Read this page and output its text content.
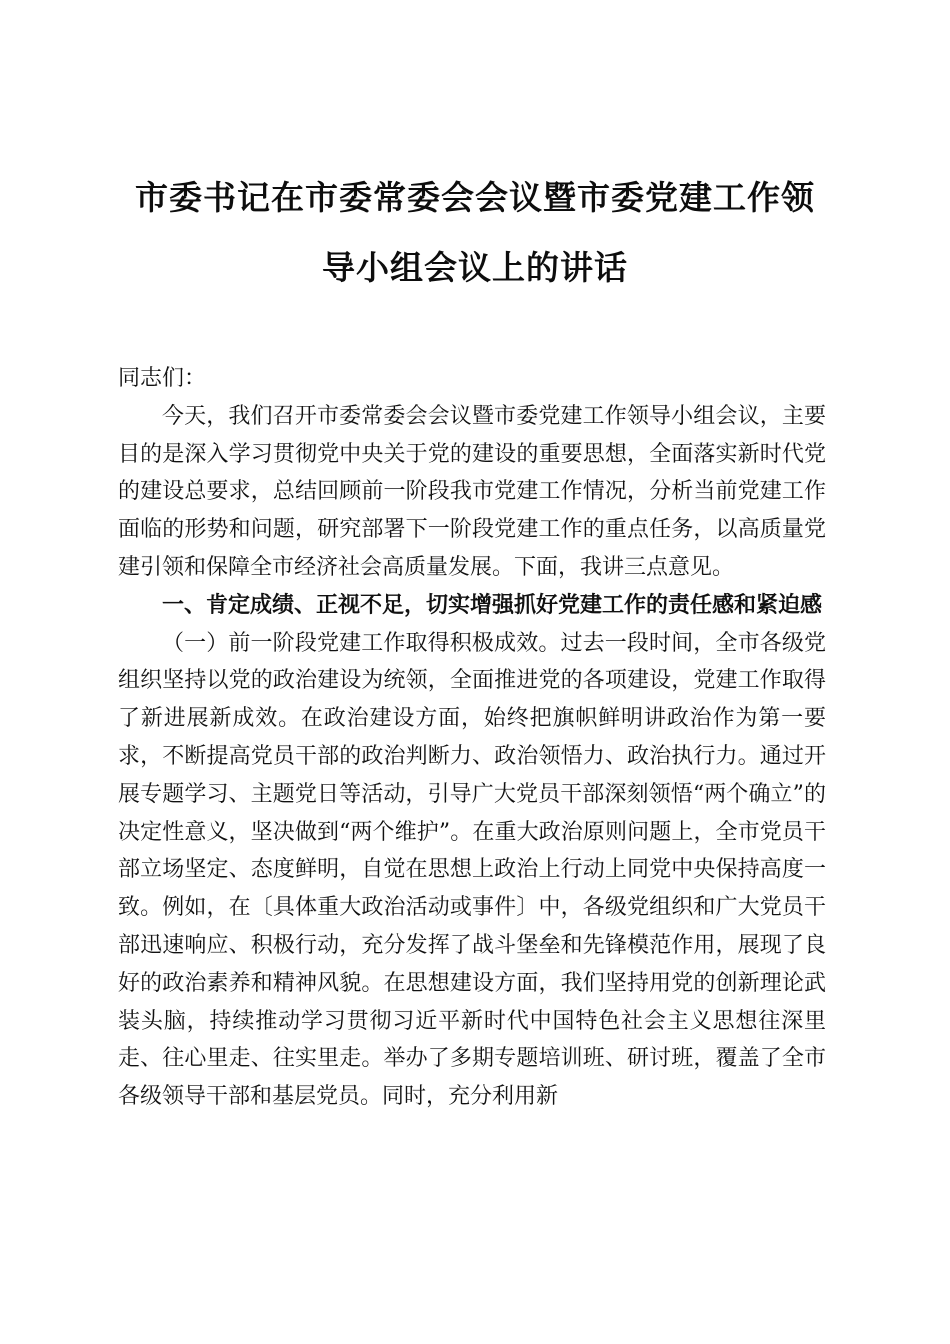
市委书记在市委常委会会议暨市委党建工作领
导小组会议上的讲话

同志们：

今天，我们召开市委常委会会议暨市委党建工作领导小组会议，主要目的是深入学习贯彻党中央关于党的建设的重要思想，全面落实新时代党的建设总要求，总结回顾前一阶段我市党建工作情况，分析当前党建工作面临的形势和问题，研究部署下一阶段党建工作的重点任务，以高质量党建引领和保障全市经济社会高质量发展。下面，我讲三点意见。

一、肯定成绩、正视不足，切实增强抓好党建工作的责任感和紧迫感

（一）前一阶段党建工作取得积极成效。过去一段时间，全市各级党组织坚持以党的政治建设为统领，全面推进党的各项建设，党建工作取得了新进展新成效。在政治建设方面，始终把旗帜鲜明讲政治作为第一要求，不断提高党员干部的政治判断力、政治领悟力、政治执行力。通过开展专题学习、主题党日等活动，引导广大党员干部深刻领悟“两个确立”的决定性意义，坚决做到“两个维护”。在重大政治原则问题上，全市党员干部立场坚定、态度鲜明，自觉在思想上政治上行动上同党中央保持高度一致。例如，在〔具体重大政治活动或事件〕中，各级党组织和广大党员干部迅速响应、积极行动，充分发挥了战斗堡垒和先锋模范作用，展现了良好的政治素养和精神风貌。在思想建设方面，我们坚持用党的创新理论武装头脑，持续推动学习贯彻习近平新时代中国特色社会主义思想往深里走、往心里走、往实里走。举办了多期专题培训班、研讨班，覆盖了全市各级领导干部和基层党员。同时，充分利用新
